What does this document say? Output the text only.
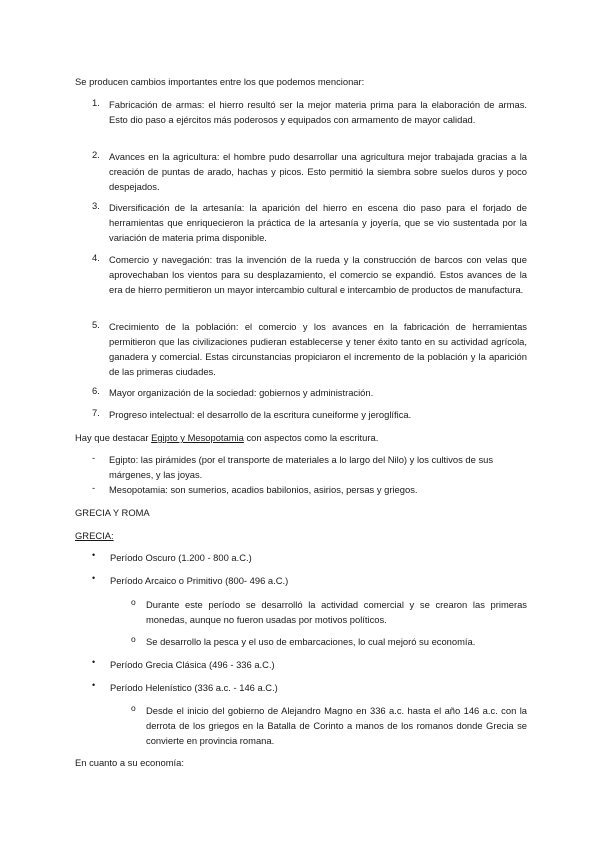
Se producen cambios importantes entre los que podemos mencionar:

1. Fabricación de armas: el hierro resultó ser la mejor materia prima para la elaboración de armas. Esto dio paso a ejércitos más poderosos y equipados con armamento de mayor calidad.
2. Avances en la agricultura: el hombre pudo desarrollar una agricultura mejor trabajada gracias a la creación de puntas de arado, hachas y picos. Esto permitió la siembra sobre suelos duros y poco despejados.
3. Diversificación de la artesanía: la aparición del hierro en escena dio paso para el forjado de herramientas que enriquecieron la práctica de la artesanía y joyería, que se vio sustentada por la variación de materia prima disponible.
4. Comercio y navegación: tras la invención de la rueda y la construcción de barcos con velas que aprovechaban los vientos para su desplazamiento, el comercio se expandió. Estos avances de la era de hierro permitieron un mayor intercambio cultural e intercambio de productos de manufactura.
5. Crecimiento de la población: el comercio y los avances en la fabricación de herramientas permitieron que las civilizaciones pudieran establecerse y tener éxito tanto en su actividad agrícola, ganadera y comercial. Estas circunstancias propiciaron el incremento de la población y la aparición de las primeras ciudades.
6. Mayor organización de la sociedad: gobiernos y administración.
7. Progreso intelectual: el desarrollo de la escritura cuneiforme y jeroglífica.

Hay que destacar Egipto y Mesopotamia con aspectos como la escritura.

- Egipto: las pirámides (por el transporte de materiales a lo largo del Nilo) y los cultivos de sus márgenes, y las joyas.
- Mesopotamia: son sumerios, acadios babilonios, asirios, persas y griegos.

GRECIA Y ROMA

GRECIA:

• Período Oscuro (1.200 - 800 a.C.)
• Período Arcaico o Primitivo (800- 496 a.C.)
o Durante este período se desarrolló la actividad comercial y se crearon las primeras monedas, aunque no fueron usadas por motivos políticos.
o Se desarrollo la pesca y el uso de embarcaciones, lo cual mejoró su economía.
• Período Grecia Clásica (496 - 336 a.C.)
• Período Helenístico (336 a.c. - 146 a.C.)
o Desde el inicio del gobierno de Alejandro Magno en 336 a.c. hasta el año 146 a.c. con la derrota de los griegos en la Batalla de Corinto a manos de los romanos donde Grecia se convierte en provincia romana.

En cuanto a su economía:
